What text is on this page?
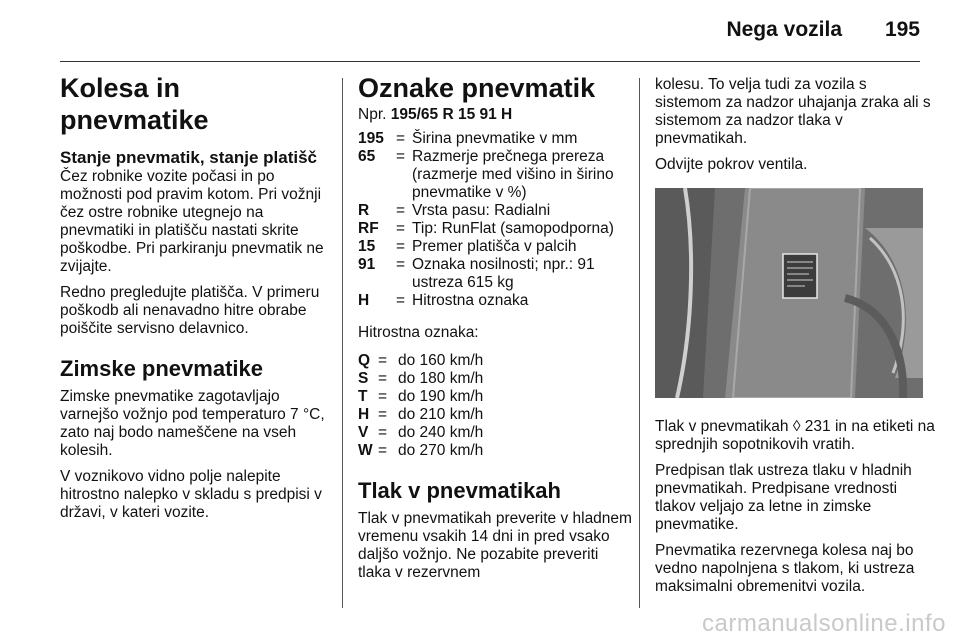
Nega vozila 195
Kolesa in pnevmatike
Stanje pnevmatik, stanje platišč

Čez robnike vozite počasi in po možnosti pod pravim kotom. Pri vožnji čez ostre robnike utegnejo na pnevmatiki in platišču nastati skrite poškodbe. Pri parkiranju pnevmatik ne zvijajte.

Redno pregledujte platišča. V primeru poškodb ali nenavadno hitre obrabe poiščite servisno delavnico.

Zimske pnevmatike

Zimske pnevmatike zagotavljajo varnejšo vožnjo pod temperaturo 7 °C, zato naj bodo nameščene na vseh kolesih.

V voznikovo vidno polje nalepite hitrostno nalepko v skladu s predpisi v državi, v kateri vozite.

Oznake pnevmatik

Npr. 195/65 R 15 91 H

195 = Širina pnevmatike v mm
65	= Razmerje prečnega prereza (razmerje med višino in širino pnevmatike v %)
R	= Vrsta pasu: Radialni
RF	= Tip: RunFlat (samopodporna)
15	= Premer platišča v palcih
91	= Oznaka nosilnosti; npr.: 91 ustreza 615 kg
H	= Hitrostna oznaka

Hitrostna oznaka:

Q = do 160 km/h
S = do 180 km/h
T = do 190 km/h
H = do 210 km/h
V = do 240 km/h
W = do 270 km/h
Tlak v pnevmatikah

Tlak v pnevmatikah preverite v hladnem vremenu vsakih 14 dni in pred vsako daljšo vožnjo. Ne pozabite preveriti tlaka v rezervnem

kolesu. To velja tudi za vozila s sistemom za nadzor uhajanja zraka ali s sistemom za nadzor tlaka v pnevmatikah.

Odvijte pokrov ventila.

Tlak v pnevmatikah ◊ 231 in na etiketi na sprednjih sopotnikovih vratih.

Predpisan tlak ustreza tlaku v hladnih pnevmatikah. Predpisane vrednosti tlakov veljajo za letne in zimske pnevmatike.

Pnevmatika rezervnega kolesa naj bo vedno napolnjena s tlakom, ki ustreza maksimalni obremenitvi vozila.

carmanualsonline.info
